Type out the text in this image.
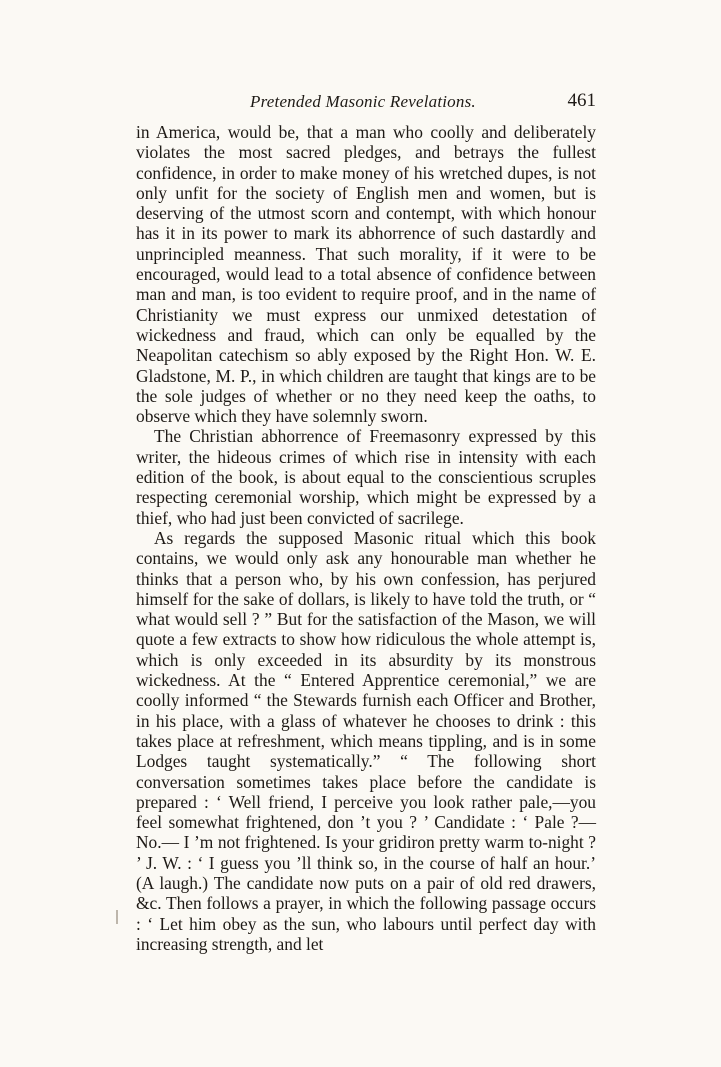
Pretended Masonic Revelations.	461

in America, would be, that a man who coolly and deliberately violates the most sacred pledges, and betrays the fullest confidence, in order to make money of his wretched dupes, is not only unfit for the society of English men and women, but is deserving of the utmost scorn and contempt, with which honour has it in its power to mark its abhorrence of such dastardly and unprincipled meanness. That such morality, if it were to be encouraged, would lead to a total absence of confidence between man and man, is too evident to require proof, and in the name of Christianity we must express our unmixed detestation of wickedness and fraud, which can only be equalled by the Neapolitan catechism so ably exposed by the Right Hon. W. E. Gladstone, M. P., in which children are taught that kings are to be the sole judges of whether or no they need keep the oaths, to observe which they have solemnly sworn.

The Christian abhorrence of Freemasonry expressed by this writer, the hideous crimes of which rise in intensity with each edition of the book, is about equal to the conscientious scruples respecting ceremonial worship, which might be expressed by a thief, who had just been convicted of sacrilege.

As regards the supposed Masonic ritual which this book contains, we would only ask any honourable man whether he thinks that a person who, by his own confession, has perjured himself for the sake of dollars, is likely to have told the truth, or “ what would sell ? ” But for the satisfaction of the Mason, we will quote a few extracts to show how ridiculous the whole attempt is, which is only exceeded in its absurdity by its monstrous wickedness. At the “ Entered Apprentice ceremonial,” we are coolly informed “ the Stewards furnish each Officer and Brother, in his place, with a glass of whatever he chooses to drink : this takes place at refreshment, which means tippling, and is in some Lodges taught systematically.” “ The following short conversation sometimes takes place before the candidate is prepared : ‘ Well friend, I perceive you look rather pale,—you feel somewhat frightened, don ’t you ? ’ Candidate : ‘ Pale ?—No.— I ’m not frightened. Is your gridiron pretty warm to-night ? ’ J. W. : ‘ I guess you ’ll think so, in the course of half an hour.’ (A laugh.) The candidate now puts on a pair of old red drawers, &c. Then follows a prayer, in which the following passage occurs : ‘ Let him obey as the sun, who labours until perfect day with increasing strength, and let
